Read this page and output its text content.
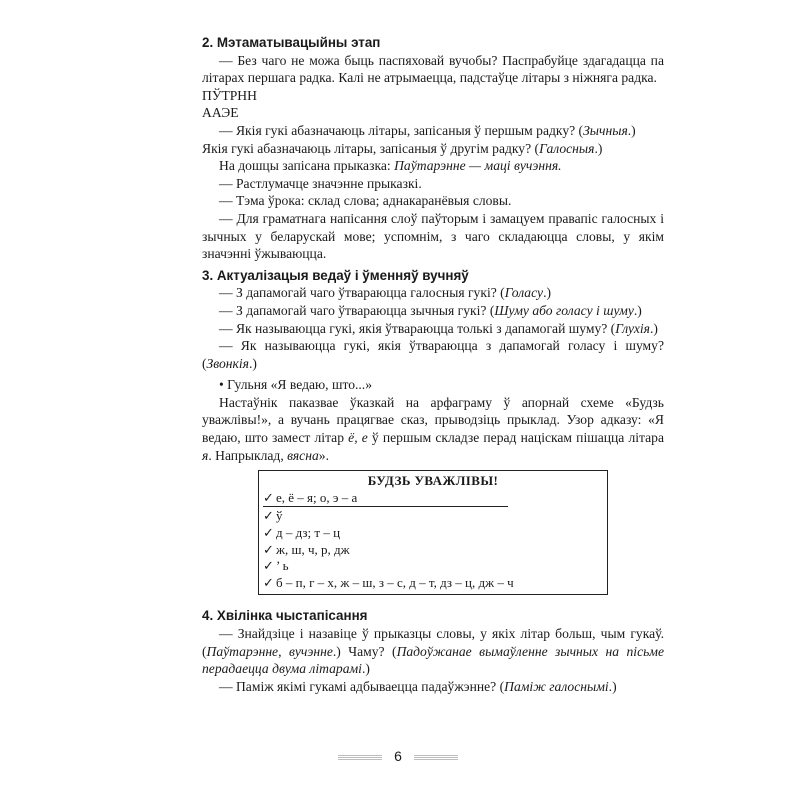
2. Мэтаматывацыйны этап

— Без чаго не можа быць паспяховай вучобы? Паспрабуйце здагадацца па літарах першага радка. Калі не атрымаецца, падстаўце літары з ніжняга радка.

ПЎТРНН

ААЭЕ

— Якія гукі абазначаюць літары, запісаныя ў першым радку? (Зычныя.)

Якія гукі абазначаюць літары, запісаныя ў другім радку? (Галосныя.)

На дошцы запісана прыказка: Паўтарэнне — маці вучэння.

— Растлумачце значэнне прыказкі.

— Тэма ўрока: склад слова; аднакаранёвыя словы.

— Для граматнага напісання слоў паўторым і замацуем правапіс галосных і зычных у беларускай мове; успомнім, з чаго складаюцца словы, у якім значэнні ўжываюцца.

3. Актуалізацыя ведаў і ўменняў вучняў

— З дапамогай чаго ўтвараюцца галосныя гукі? (Голасу.)

— З дапамогай чаго ўтвараюцца зычныя гукі? (Шуму або голасу і шуму.)

— Як называюцца гукі, якія ўтвараюцца толькі з дапамогай шуму? (Глухія.)

— Як называюцца гукі, якія ўтвараюцца з дапамогай голасу і шуму? (Звонкія.)

• Гульня «Я ведаю, што...»

Настаўнік паказвае ўказкай на арфаграму ў апорнай схеме «Будзь уважлівы!», а вучань працягвае сказ, прыводзіць прыклад. Узор адказу: «Я ведаю, што замест літар ё, е ў першым складзе перад націскам пішацца літара я. Напрыклад, вясна».

БУДЗЬ УВАЖЛІВЫ!
✓ е, ё – я; о, э – а
✓ ў
✓ д – дз; т – ц
✓ ж, ш, ч, р, дж
✓ ’ ь
✓ б – п, г – х, ж – ш, з – с, д – т, дз – ц, дж – ч

4. Хвілінка чыстапісання

— Знайдзіце і назавіце ў прыказцы словы, у якіх літар больш, чым гукаў. (Паўтарэнне, вучэнне.) Чаму? (Падоўжанае вымаўленне зычных на пісьме перадаецца двума літарамі.)

— Паміж якімі гукамі адбываецца падаўжэнне? (Паміж галоснымі.)

6
